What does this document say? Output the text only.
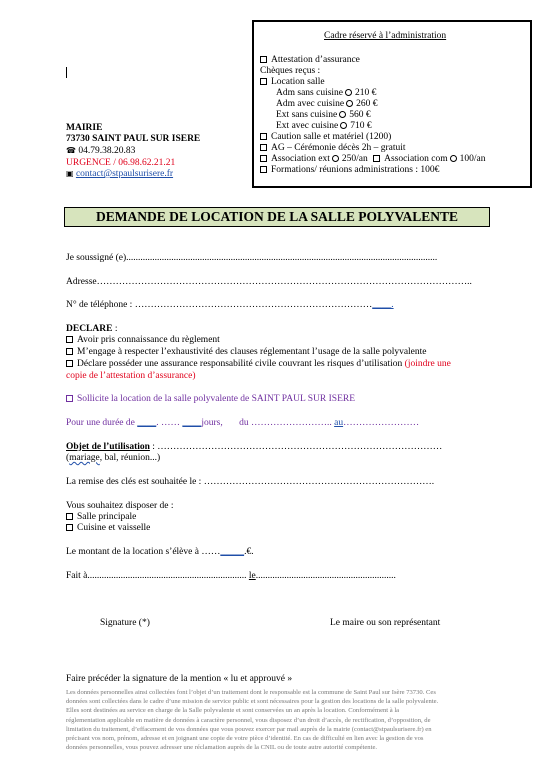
Cadre réservé à l’administration
Attestation d’assurance
Chèques reçus :
Location salle
Adm sans cuisine 210 €
Adm avec cuisine 260 €
Ext sans cuisine 560 €
Ext avec cuisine 710 €
Caution salle et matériel (1200)
AG – Cérémonie décès 2h – gratuit
Association ext 250/an Association com 100/an
Formations/ réunions administrations : 100€
MAIRIE
73730 SAINT PAUL SUR ISERE
☎ 04.79.38.20.83
URGENCE / 06.98.62.21.21
▣ contact@stpaulsurisere.fr
DEMANDE DE LOCATION DE LA SALLE POLYVALENTE
Je soussigné (e)...................................................................................................................................
Adresse………………………………………………………………………………………………………..
N° de téléphone : …………………………………………………………………____.
DECLARE :
Avoir pris connaissance du règlement
M’engage à respecter l’exhaustivité des clauses réglementant l’usage de la salle polyvalente
Déclare posséder une assurance responsabilité civile couvrant les risques d’utilisation (joindre une
copie de l’attestation d’assurance)
Sollicite la location de la salle polyvalente de SAINT PAUL SUR ISERE
Pour une durée de ____. …… ____jours, du …………………….. au……………………
Objet de l’utilisation : ………………………………………………………………………………
(mariage, bal, réunion...)
La remise des clés est souhaitée le : ……………………………………………………………….
Vous souhaitez disposer de :
Salle principale
Cuisine et vaisselle
Le montant de la location s’élève à ……_____.€.
Fait à................................................................... le...........................................................
Signature (*)	Le maire ou son représentant
Faire précéder la signature de la mention « lu et approuvé »
Les données personnelles ainsi collectées font l’objet d’un traitement dont le responsable est la commune de Saint Paul sur Isère 73730. Ces
données sont collectées dans le cadre d’une mission de service public et sont nécessaires pour la gestion des locations de la salle polyvalente.
Elles sont destinées au service en charge de la Salle polyvalente et sont conservées un an après la location. Conformément à la
réglementation applicable en matière de données à caractère personnel, vous disposez d’un droit d’accès, de rectification, d’opposition, de
limitation du traitement, d’effacement de vos données que vous pouvez exercer par mail auprès de la mairie (contact@stpaulsurisere.fr) en
précisant vos nom, prénom, adresse et en joignant une copie de votre pièce d’identité. En cas de difficulté en lien avec la gestion de vos
données personnelles, vous pouvez adresser une réclamation auprès de la CNIL ou de toute autre autorité compétente.
